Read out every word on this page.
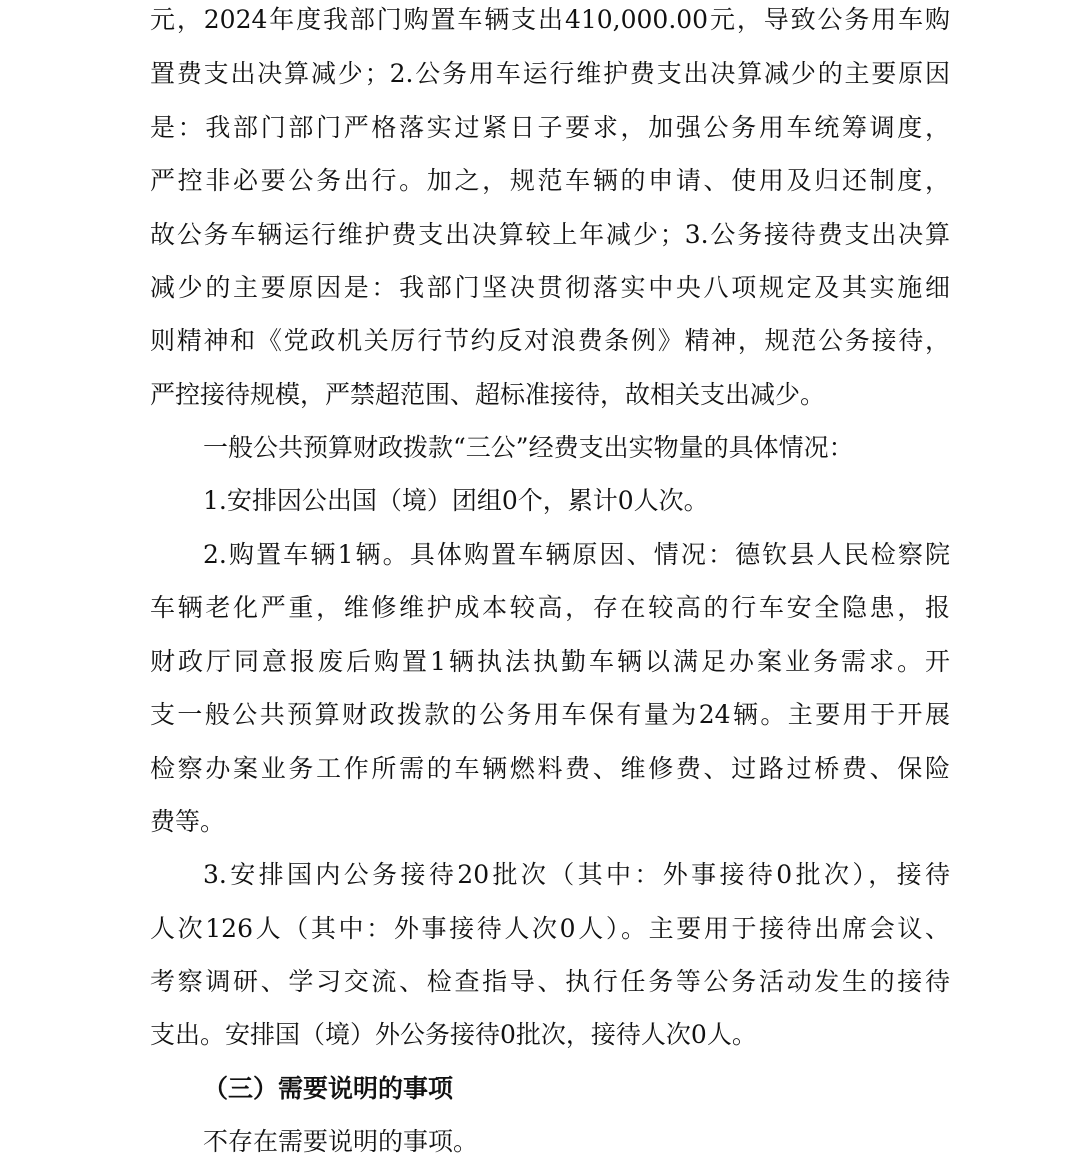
元，2024年度我部门购置车辆支出410,000.00元，导致公务用车购

置费支出决算减少；2.公务用车运行维护费支出决算减少的主要原因

是：我部门部门严格落实过紧日子要求，加强公务用车统筹调度，

严控非必要公务出行。加之，规范车辆的申请、使用及归还制度，

故公务车辆运行维护费支出决算较上年减少；3.公务接待费支出决算

减少的主要原因是：我部门坚决贯彻落实中央八项规定及其实施细

则精神和《党政机关厉行节约反对浪费条例》精神，规范公务接待，

严控接待规模，严禁超范围、超标准接待，故相关支出减少。

一般公共预算财政拨款“三公”经费支出实物量的具体情况：

1.安排因公出国（境）团组0个，累计0人次。

2.购置车辆1辆。具体购置车辆原因、情况：德钦县人民检察院

车辆老化严重，维修维护成本较高，存在较高的行车安全隐患，报

财政厅同意报废后购置1辆执法执勤车辆以满足办案业务需求。开

支一般公共预算财政拨款的公务用车保有量为24辆。主要用于开展

检察办案业务工作所需的车辆燃料费、维修费、过路过桥费、保险

费等。

3.安排国内公务接待20批次（其中：外事接待0批次），接待

人次126人（其中：外事接待人次0人）。主要用于接待出席会议、

考察调研、学习交流、检查指导、执行任务等公务活动发生的接待

支出。安排国（境）外公务接待0批次，接待人次0人。

（三）需要说明的事项

不存在需要说明的事项。
